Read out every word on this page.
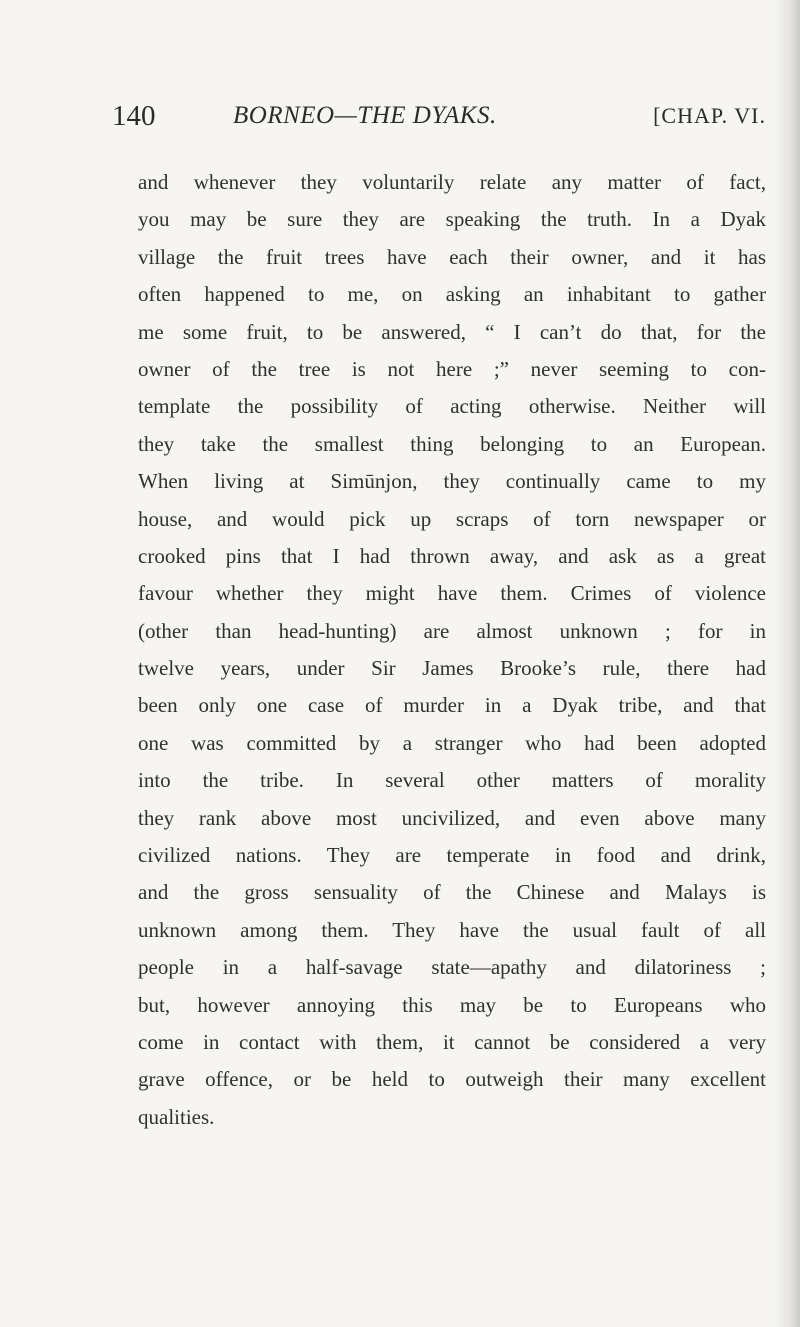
140	BORNEO—THE DYAKS.	[CHAP. VI.
and whenever they voluntarily relate any matter of fact,
you may be sure they are speaking the truth. In a Dyak
village the fruit trees have each their owner, and it has
often happened to me, on asking an inhabitant to gather
me some fruit, to be answered, “ I can’t do that, for the
owner of the tree is not here ;” never seeming to con-
template the possibility of acting otherwise. Neither will
they take the smallest thing belonging to an European.
When living at Simūnjon, they continually came to my
house, and would pick up scraps of torn newspaper or
crooked pins that I had thrown away, and ask as a great
favour whether they might have them. Crimes of violence
(other than head-hunting) are almost unknown ; for in
twelve years, under Sir James Brooke’s rule, there had
been only one case of murder in a Dyak tribe, and that
one was committed by a stranger who had been adopted
into the tribe. In several other matters of morality
they rank above most uncivilized, and even above many
civilized nations. They are temperate in food and drink,
and the gross sensuality of the Chinese and Malays is
unknown among them. They have the usual fault of all
people in a half-savage state—apathy and dilatoriness ;
but, however annoying this may be to Europeans who
come in contact with them, it cannot be considered a very
grave offence, or be held to outweigh their many excellent
qualities.
